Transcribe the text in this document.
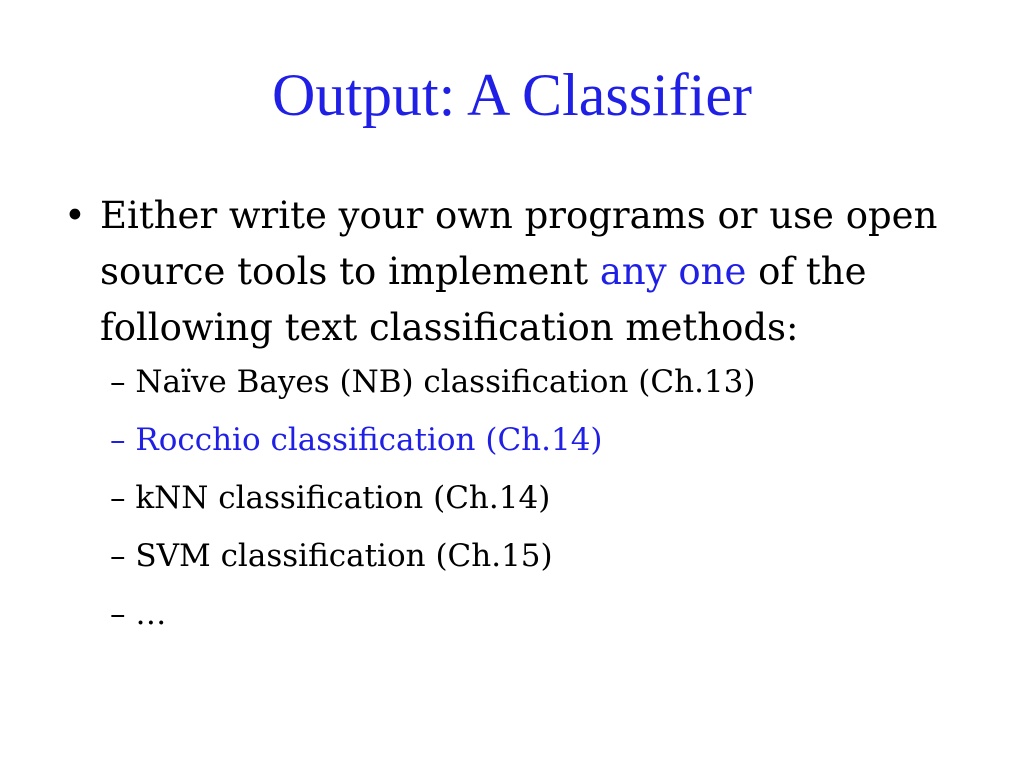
Output: A Classifier
• Either write your own programs or use open source tools to implement any one of the following text classification methods:
– Naïve Bayes (NB) classification (Ch.13)
– Rocchio classification (Ch.14)
– kNN classification (Ch.14)
– SVM classification (Ch.15)
– …
